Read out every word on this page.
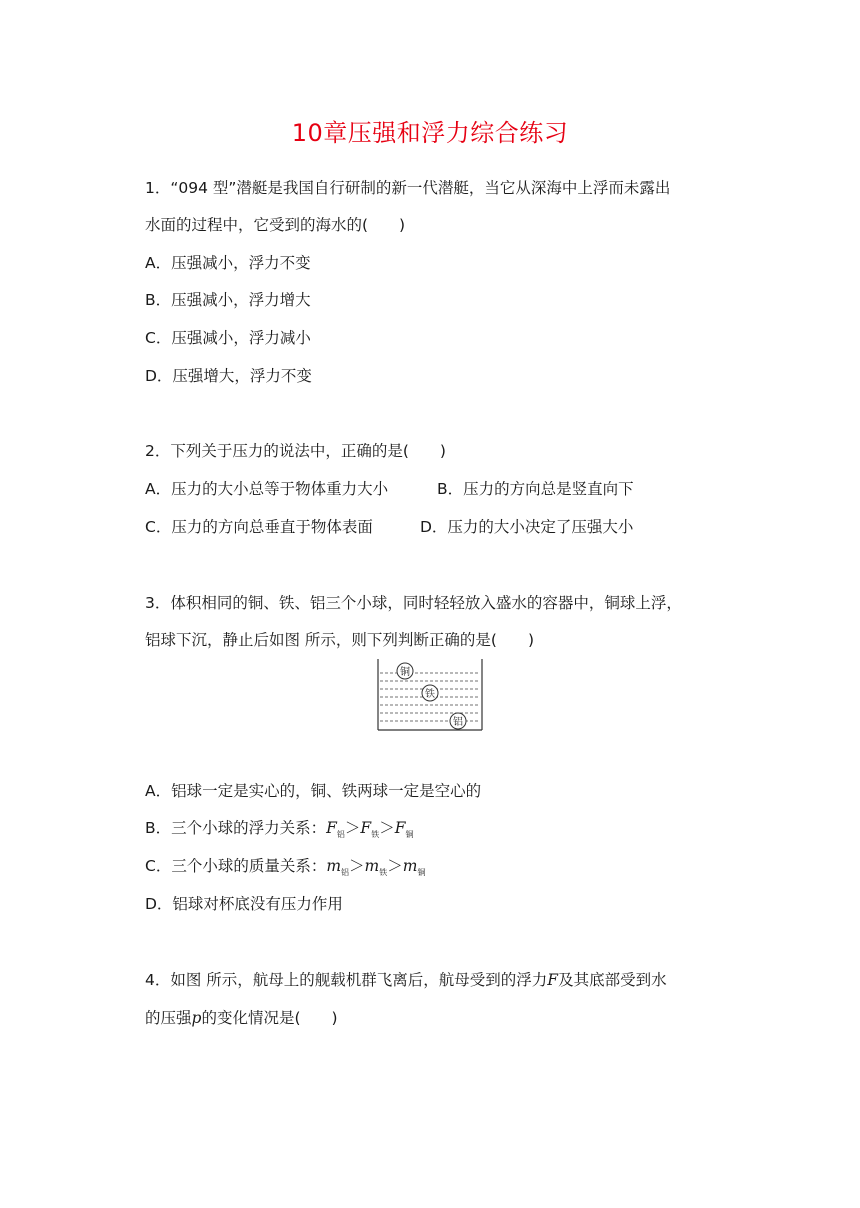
10章压强和浮力综合练习
1．“094 型”潜艇是我国自行研制的新一代潜艇，当它从深海中上浮而未露出
水面的过程中，它受到的海水的(　　)
A．压强减小，浮力不变
B．压强减小，浮力增大
C．压强减小，浮力减小
D．压强增大，浮力不变
2．下列关于压力的说法中，正确的是(　　)
A．压力的大小总等于物体重力大小	B．压力的方向总是竖直向下
C．压力的方向总垂直于物体表面	D．压力的大小决定了压强大小
3．体积相同的铜、铁、铝三个小球，同时轻轻放入盛水的容器中，铜球上浮，
铝球下沉，静止后如图 所示，则下列判断正确的是(　　)
铜
铁
铝
A．铝球一定是实心的，铜、铁两球一定是空心的
B．三个小球的浮力关系：$F_铝>F_铁>F_铜$
C．三个小球的质量关系：$m_铝>m_铁>m_铜$
D．铝球对杯底没有压力作用
4．如图 所示，航母上的舰载机群飞离后，航母受到的浮力F及其底部受到水
的压强p的变化情况是(　　)
